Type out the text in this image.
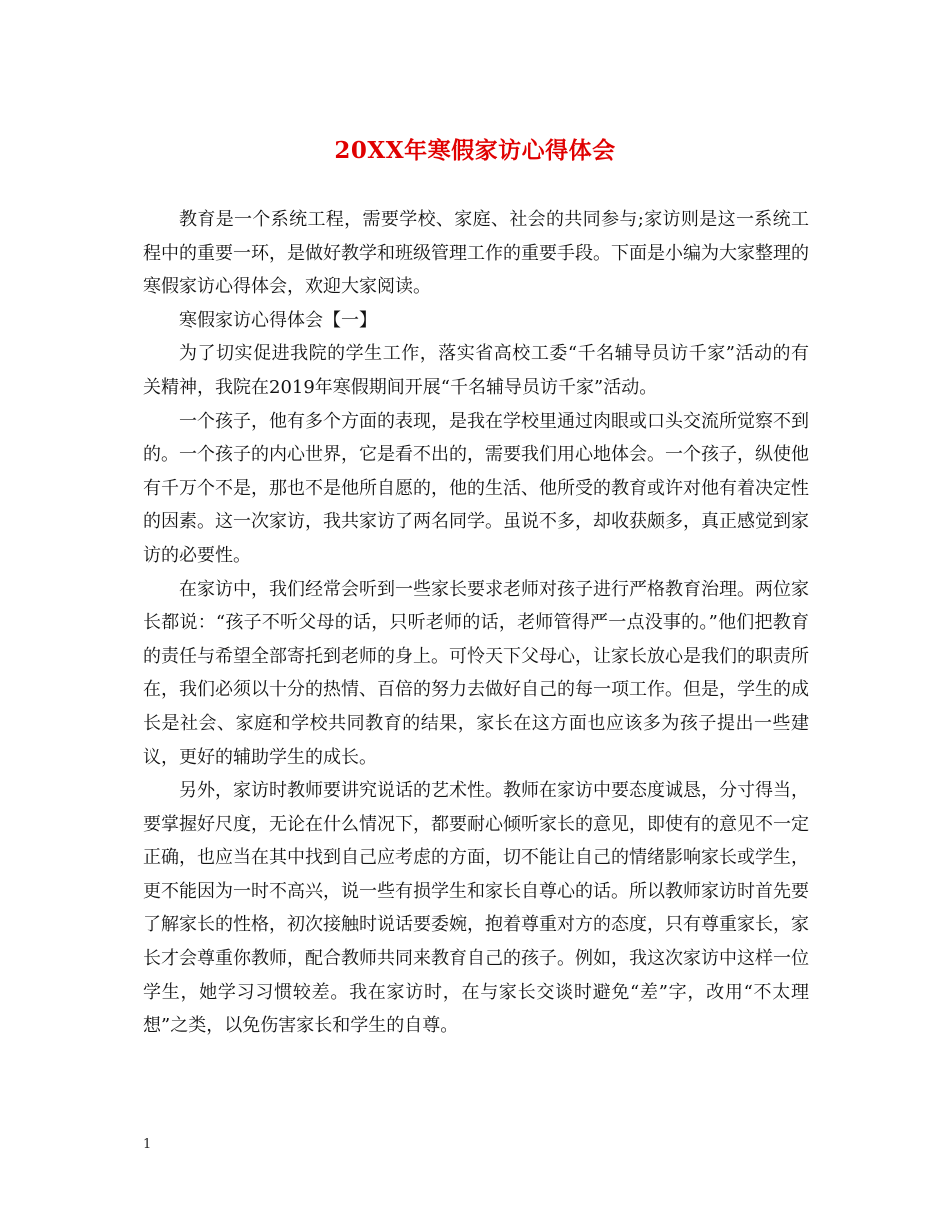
20XX年寒假家访心得体会

教育是一个系统工程，需要学校、家庭、社会的共同参与;家访则是这一系统工程中的重要一环，是做好教学和班级管理工作的重要手段。下面是小编为大家整理的寒假家访心得体会，欢迎大家阅读。

寒假家访心得体会【一】

为了切实促进我院的学生工作，落实省高校工委“千名辅导员访千家”活动的有关精神，我院在2019年寒假期间开展“千名辅导员访千家”活动。

一个孩子，他有多个方面的表现，是我在学校里通过肉眼或口头交流所觉察不到的。一个孩子的内心世界，它是看不出的，需要我们用心地体会。一个孩子，纵使他有千万个不是，那也不是他所自愿的，他的生活、他所受的教育或许对他有着决定性的因素。这一次家访，我共家访了两名同学。虽说不多，却收获颇多，真正感觉到家访的必要性。

在家访中，我们经常会听到一些家长要求老师对孩子进行严格教育治理。两位家长都说：“孩子不听父母的话，只听老师的话，老师管得严一点没事的。”他们把教育的责任与希望全部寄托到老师的身上。可怜天下父母心，让家长放心是我们的职责所在，我们必须以十分的热情、百倍的努力去做好自己的每一项工作。但是，学生的成长是社会、家庭和学校共同教育的结果，家长在这方面也应该多为孩子提出一些建议，更好的辅助学生的成长。

另外，家访时教师要讲究说话的艺术性。教师在家访中要态度诚恳，分寸得当，要掌握好尺度，无论在什么情况下，都要耐心倾听家长的意见，即使有的意见不一定正确，也应当在其中找到自己应考虑的方面，切不能让自己的情绪影响家长或学生，更不能因为一时不高兴，说一些有损学生和家长自尊心的话。所以教师家访时首先要了解家长的性格，初次接触时说话要委婉，抱着尊重对方的态度，只有尊重家长，家长才会尊重你教师，配合教师共同来教育自己的孩子。例如，我这次家访中这样一位学生，她学习习惯较差。我在家访时，在与家长交谈时避免“差”字，改用“不太理想”之类，以免伤害家长和学生的自尊。

1
